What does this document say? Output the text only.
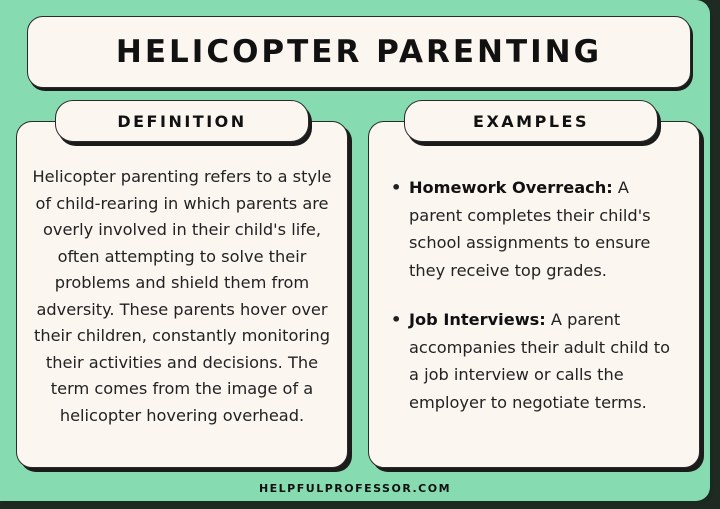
HELICOPTER PARENTING
DEFINITION
Helicopter parenting refers to a style of child-rearing in which parents are overly involved in their child's life, often attempting to solve their problems and shield them from adversity. These parents hover over their children, constantly monitoring their activities and decisions. The term comes from the image of a helicopter hovering overhead.
EXAMPLES
• Homework Overreach: A parent completes their child's school assignments to ensure they receive top grades.
• Job Interviews: A parent accompanies their adult child to a job interview or calls the employer to negotiate terms.
HELPFULPROFESSOR.COM
